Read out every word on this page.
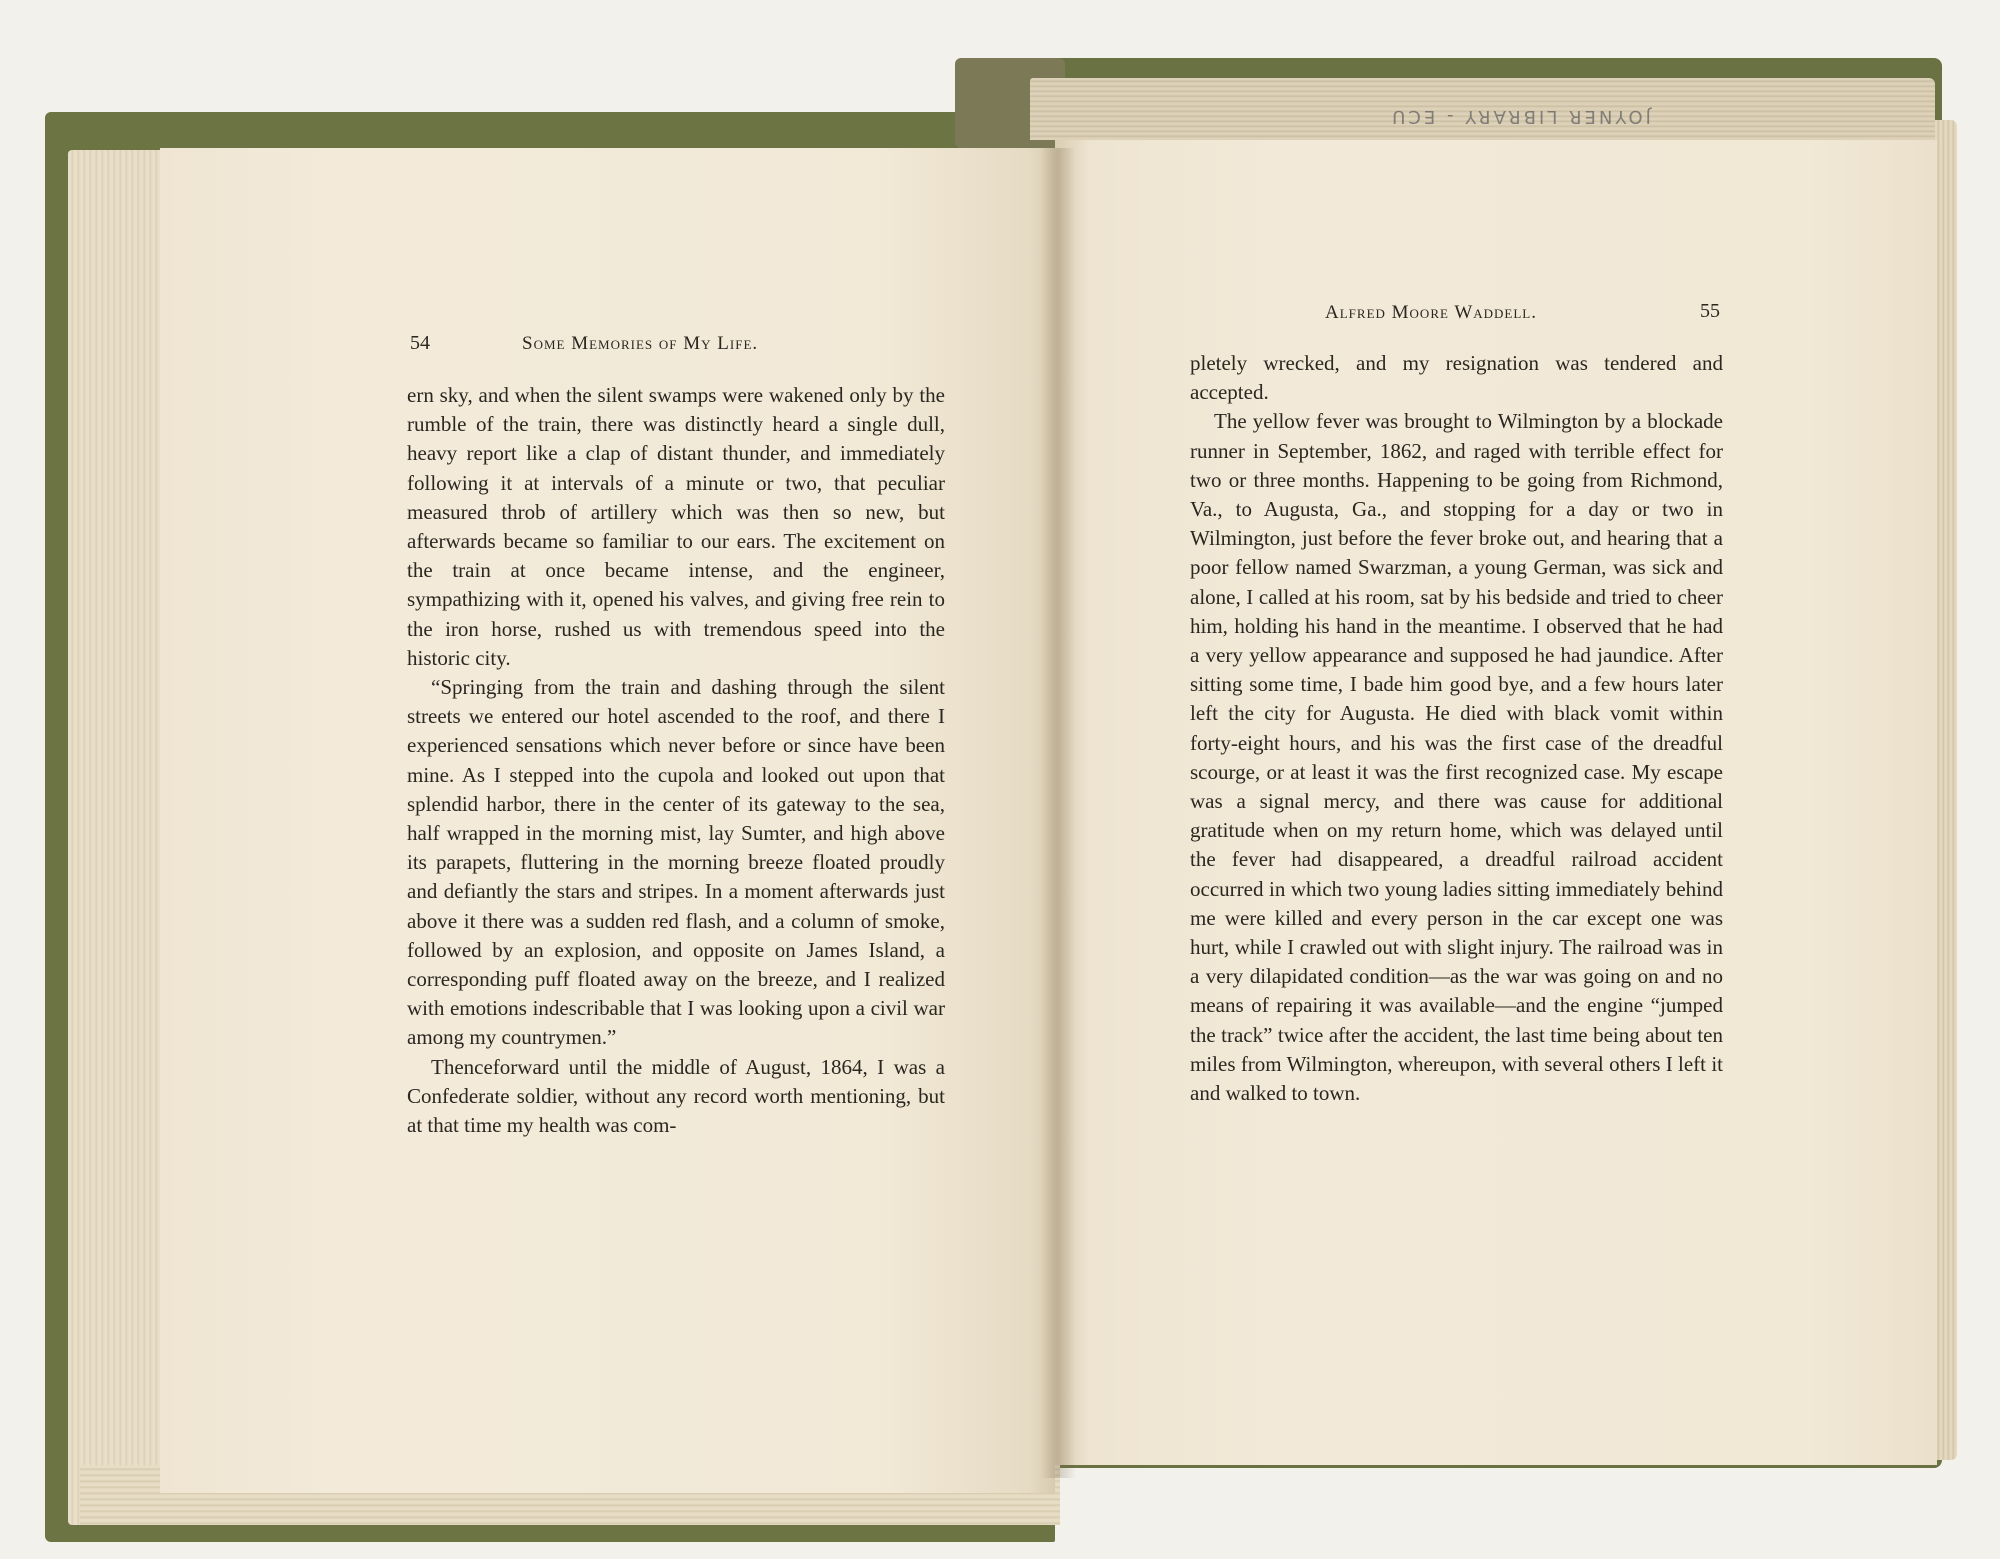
JOYNER LIBRARY - ECU
54	Some Memories of My Life.

ern sky, and when the silent swamps were wakened only by the rumble of the train, there was distinctly heard a single dull, heavy report like a clap of distant thunder, and immediately following it at intervals of a minute or two, that peculiar measured throb of artillery which was then so new, but afterwards became so familiar to our ears. The excitement on the train at once became intense, and the engineer, sympathizing with it, opened his valves, and giving free rein to the iron horse, rushed us with tremendous speed into the historic city.

“Springing from the train and dashing through the silent streets we entered our hotel ascended to the roof, and there I experienced sensations which never before or since have been mine. As I stepped into the cupola and looked out upon that splendid harbor, there in the center of its gateway to the sea, half wrapped in the morning mist, lay Sumter, and high above its parapets, fluttering in the morning breeze floated proudly and defiantly the stars and stripes. In a moment afterwards just above it there was a sudden red flash, and a column of smoke, followed by an explosion, and opposite on James Island, a corresponding puff floated away on the breeze, and I realized with emotions indescribable that I was looking upon a civil war among my countrymen.”

Thenceforward until the middle of August, 1864, I was a Confederate soldier, without any record worth mentioning, but at that time my health was com-

Alfred Moore Waddell.	55

pletely wrecked, and my resignation was tendered and accepted.

The yellow fever was brought to Wilmington by a blockade runner in September, 1862, and raged with terrible effect for two or three months. Happening to be going from Richmond, Va., to Augusta, Ga., and stopping for a day or two in Wilmington, just before the fever broke out, and hearing that a poor fellow named Swarzman, a young German, was sick and alone, I called at his room, sat by his bedside and tried to cheer him, holding his hand in the meantime. I observed that he had a very yellow appearance and supposed he had jaundice. After sitting some time, I bade him good bye, and a few hours later left the city for Augusta. He died with black vomit within forty-eight hours, and his was the first case of the dreadful scourge, or at least it was the first recognized case. My escape was a signal mercy, and there was cause for additional gratitude when on my return home, which was delayed until the fever had disappeared, a dreadful railroad accident occurred in which two young ladies sitting immediately behind me were killed and every person in the car except one was hurt, while I crawled out with slight injury. The railroad was in a very dilapidated condition—as the war was going on and no means of repairing it was available—and the engine “jumped the track” twice after the accident, the last time being about ten miles from Wilmington, whereupon, with several others I left it and walked to town.
